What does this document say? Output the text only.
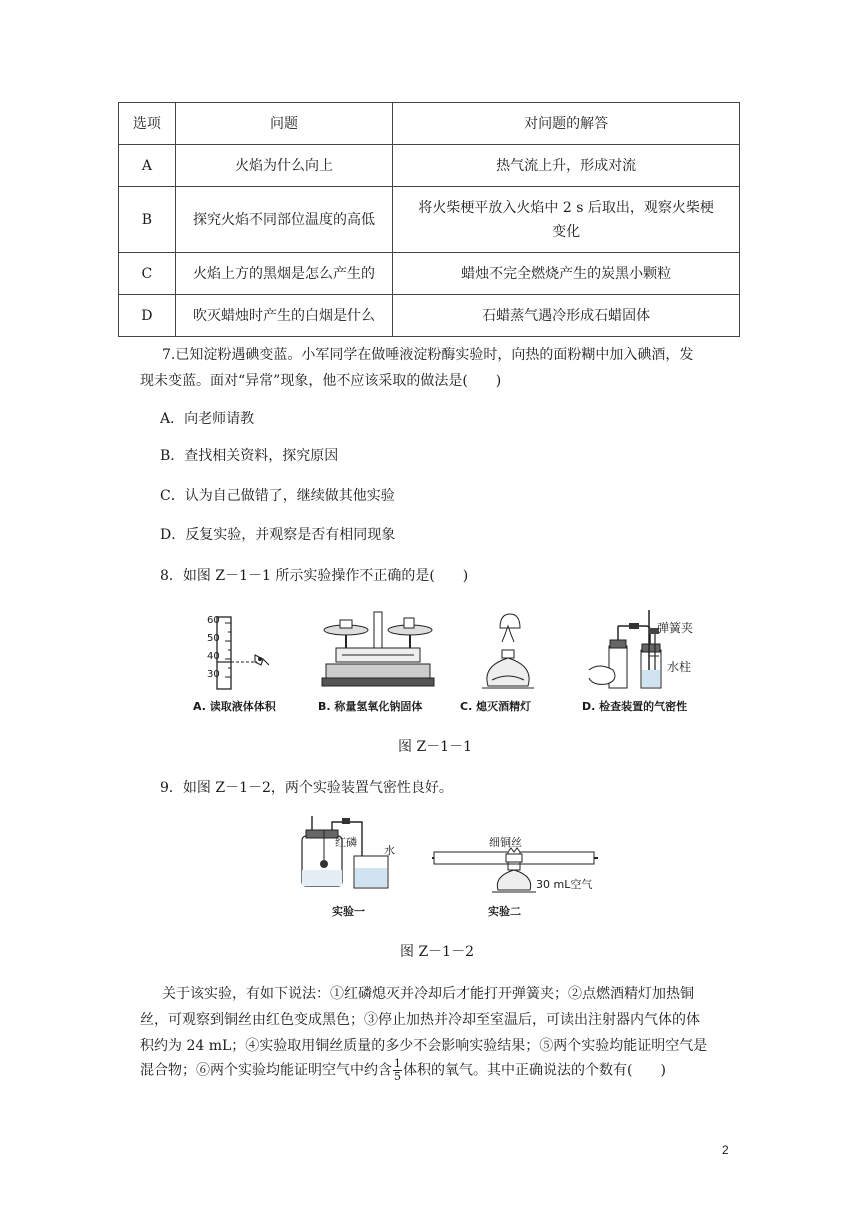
选项	问题	对问题的解答
A	火焰为什么向上	热气流上升，形成对流
B	探究火焰不同部位温度的高低	将火柴梗平放入火焰中 2 s 后取出，观察火柴梗
变化

C	火焰上方的黑烟是怎么产生的	蜡烛不完全燃烧产生的炭黑小颗粒
D	吹灭蜡烛时产生的白烟是什么	石蜡蒸气遇冷形成石蜡固体
7.已知淀粉遇碘变蓝。小军同学在做唾液淀粉酶实验时，向热的面粉糊中加入碘酒，发
现未变蓝。面对“异常”现象，他不应该采取的做法是(　　)
A．向老师请教
B．查找相关资料，探究原因
C．认为自己做错了，继续做其他实验
D．反复实验，并观察是否有相同现象
8．如图 Z－1－1 所示实验操作不正确的是(　　)
60
50
40
30
弹簧夹
水柱
A. 读取液体体积	B. 称量氢氧化钠固体	C. 熄灭酒精灯	D. 检查装置的气密性
图 Z－1－1
9．如图 Z－1－2，两个实验装置气密性良好。
红磷
水
细铜丝
30 mL空气
实验一	实验二
图 Z－1－2
关于该实验，有如下说法：①红磷熄灭并冷却后才能打开弹簧夹；②点燃酒精灯加热铜
丝，可观察到铜丝由红色变成黑色；③停止加热并冷却至室温后，可读出注射器内气体的体
积约为 24 mL；④实验取用铜丝质量的多少不会影响实验结果；⑤两个实验均能证明空气是
混合物；⑥两个实验均能证明空气中约含 $\frac{1}{5}$ 体积的氧气。其中正确说法的个数有(　　)
2
